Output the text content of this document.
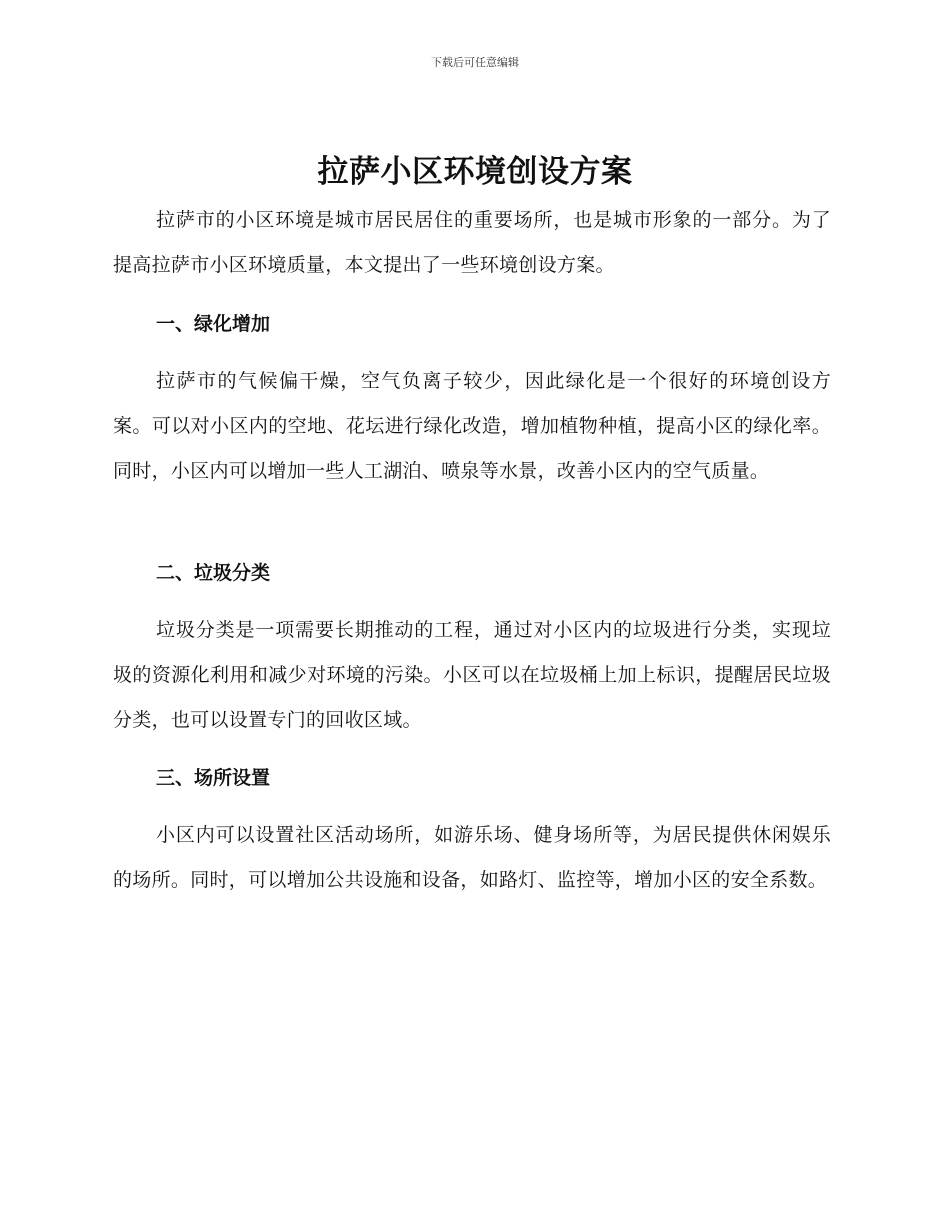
下载后可任意编辑
拉萨小区环境创设方案

拉萨市的小区环境是城市居民居住的重要场所，也是城市形象的一部分。为了提高拉萨市小区环境质量，本文提出了一些环境创设方案。

一、绿化增加

拉萨市的气候偏干燥，空气负离子较少，因此绿化是一个很好的环境创设方案。可以对小区内的空地、花坛进行绿化改造，增加植物种植，提高小区的绿化率。同时，小区内可以增加一些人工湖泊、喷泉等水景，改善小区内的空气质量。

二、垃圾分类

垃圾分类是一项需要长期推动的工程，通过对小区内的垃圾进行分类，实现垃圾的资源化利用和减少对环境的污染。小区可以在垃圾桶上加上标识，提醒居民垃圾分类，也可以设置专门的回收区域。

三、场所设置

小区内可以设置社区活动场所，如游乐场、健身场所等，为居民提供休闲娱乐的场所。同时，可以增加公共设施和设备，如路灯、监控等，增加小区的安全系数。
